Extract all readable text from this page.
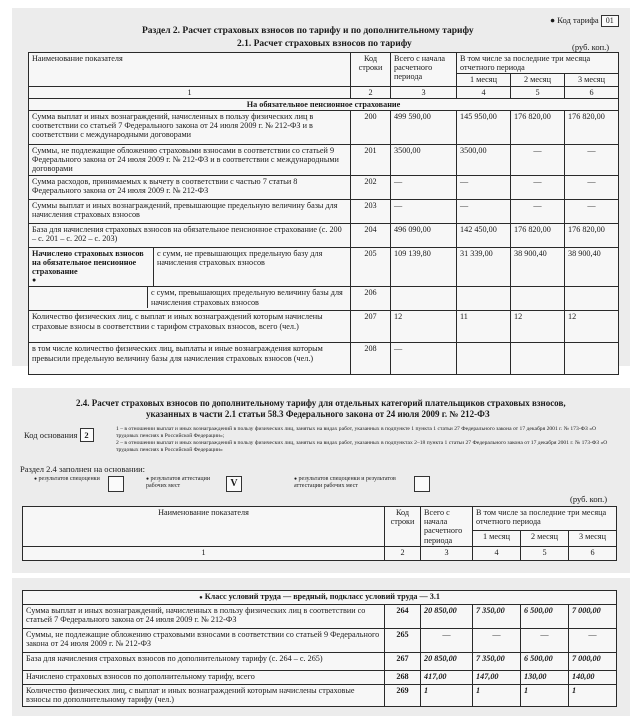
● Код тарифа 01
Раздел 2. Расчет страховых взносов по тарифу и по дополнительному тарифу
2.1. Расчет страховых взносов по тарифу	(руб. коп.)
Наименование показателя	Код строки	Всего с начала расчетного периода	В том числе за последние три месяца отчетного периода		
			1 месяц	2 месяц	3 месяц
1	2	3	4	5	6
На обязательное пенсионное страхование					
Сумма выплат и иных вознаграждений, начисленных в пользу физических лиц в соответствии со статьей 7 Федерального закона от 24 июля 2009 г. № 212-ФЗ и в соответствии с международными договорами	200	499 590,00	145 950,00	176 820,00	176 820,00
Суммы, не подлежащие обложению страховыми взносами в соответствии со статьей 9 Федерального закона от 24 июля 2009 г. № 212-ФЗ и в соответствии с международными договорами	201	3500,00	3500,00	—	—
Сумма расходов, принимаемых к вычету в соответствии с частью 7 статьи 8 Федерального закона от 24 июля 2009 г. № 212-ФЗ	202	—	—	—	—
Суммы выплат и иных вознаграждений, превышающие предельную величину базы для начисления страховых взносов	203	—	—	—	—
База для начисления страховых взносов на обязательное пенсионное страхование (с. 200 – с. 201 – с. 202 – с. 203)	204	496 090,00	142 450,00	176 820,00	176 820,00

Начислено страховых взносов на обязательное пенсионное страхование
●
с сумм, не превышающих предельную базу для начисления страховых взносов	205	109 139,80	31 339,00	38 900,40	38 900,40

с сумм, превышающих предельную величину базы для начисления страховых взносов	206				
Количество физических лиц, с выплат и иных вознаграждений которым начислены страховые взносы в соответствии с тарифом страховых взносов, всего (чел.)	207	12	11	12	12
в том числе количество физических лиц, выплаты и иные вознаграждения которым превысили предельную величину базы для начисления страховых взносов (чел.)	208	—			
2.4. Расчет страховых взносов по дополнительному тарифу для отдельных категорий плательщиков страховых взносов,
указанных в части 2.1 статьи 58.3 Федерального закона от 24 июля 2009 г. № 212-ФЗ
Код основания 2
1 – в отношении выплат и иных вознаграждений в пользу физических лиц, занятых на видах работ, указанных в подпункте 1 пункта 1 статьи 27 Федерального закона от 17 декабря 2001 г. № 173-ФЗ «О трудовых пенсиях в Российской Федерации»;
2 – в отношении выплат и иных вознаграждений в пользу физических лиц, занятых на видах работ, указанных в подпунктах 2–18 пункта 1 статьи 27 Федерального закона от 17 декабря 2001 г. № 173-ФЗ «О трудовых пенсиях в Российской Федерации»
Раздел 2.4 заполнен на основании:
● результатов спецоценки	● результатов аттестации рабочих мест	V	● результатов спецоценки и результатов аттестации рабочих мест
(руб. коп.)
Наименование показателя	Код строки	Всего с начала расчетного периода	В том числе за последние три месяца отчетного периода		
			1 месяц	2 месяц	3 месяц
1	2	3	4	5	6
● Класс условий труда — вредный, подкласс условий труда — 3.1					
Сумма выплат и иных вознаграждений, начисленных в пользу физических лиц в соответствии со статьей 7 Федерального закона от 24 июля 2009 г. № 212-ФЗ	264	20 850,00	7 350,00	6 500,00	7 000,00
Суммы, не подлежащие обложению страховыми взносами в соответствии со статьей 9 Федерального закона от 24 июля 2009 г. № 212-ФЗ	265	—	—	—	—
База для начисления страховых взносов по дополнительному тарифу (с. 264 – с. 265)	267	20 850,00	7 350,00	6 500,00	7 000,00
Начислено страховых взносов по дополнительному тарифу, всего	268	417,00	147,00	130,00	140,00
Количество физических лиц, с выплат и иных вознаграждений которым начислены страховые взносы по дополнительному тарифу (чел.)	269	1	1	1	1
